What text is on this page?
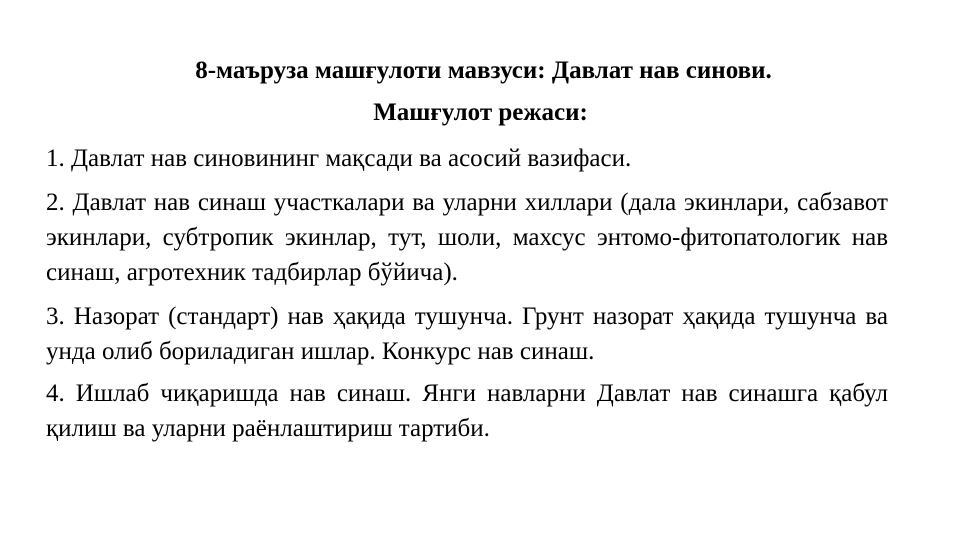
8-маъруза машғулоти мавзуси: Давлат нав синови.
Машғулот режаси:
1. Давлат нав синовининг мақсади ва асосий вазифаси.
2. Давлат нав синаш участкалари ва уларни хиллари (дала экинлари, сабзавот экинлари, субтропик экинлар, тут, шоли, махсус энтомо-фитопатологик нав синаш, агротехник тадбирлар бўйича).
3. Назорат (стандарт) нав ҳақида тушунча. Грунт назорат ҳақида тушунча ва унда олиб бориладиган ишлар. Конкурс нав синаш.
4. Ишлаб чиқаришда нав синаш. Янги навларни Давлат нав синашга қабул қилиш ва уларни раёнлаштириш тартиби.
